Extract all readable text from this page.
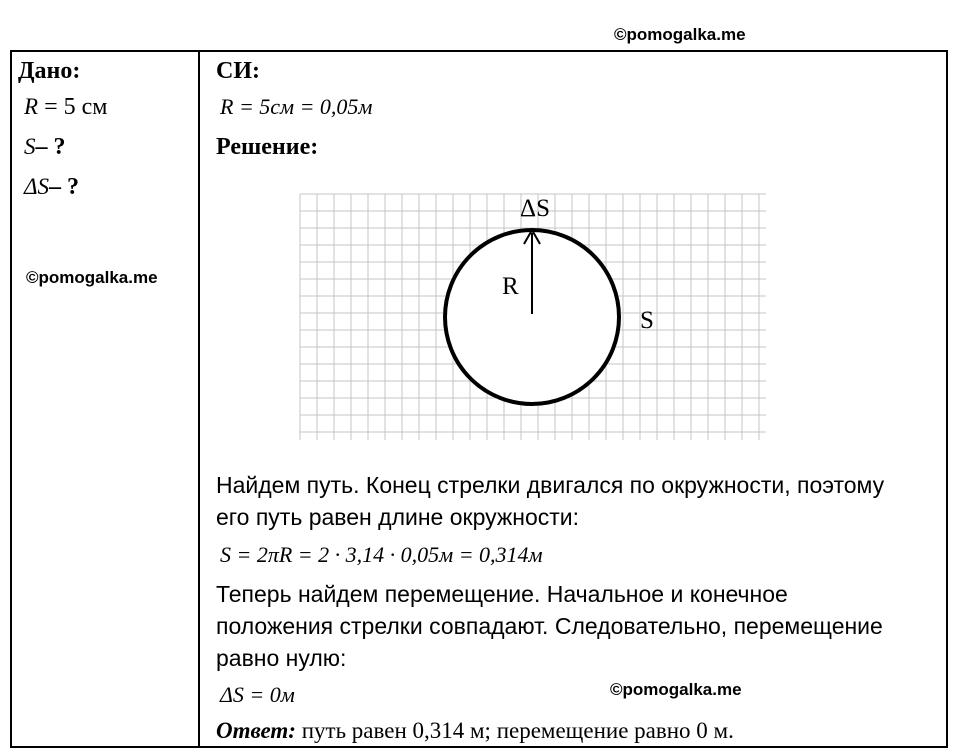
©pomogalka.me
Дано:
R = 5 см
S– ?
ΔS– ?
©pomogalka.me
СИ:
R = 5см = 0,05м
Решение:
ΔS
R
S
Найдем путь. Конец стрелки двигался по окружности, поэтому
его путь равен длине окружности:
S = 2πR = 2 · 3,14 · 0,05м = 0,314м
Теперь найдем перемещение. Начальное и конечное
положения стрелки совпадают. Следовательно, перемещение
равно нулю:
ΔS = 0м	©pomogalka.me
Ответ: путь равен 0,314 м; перемещение равно 0 м.
